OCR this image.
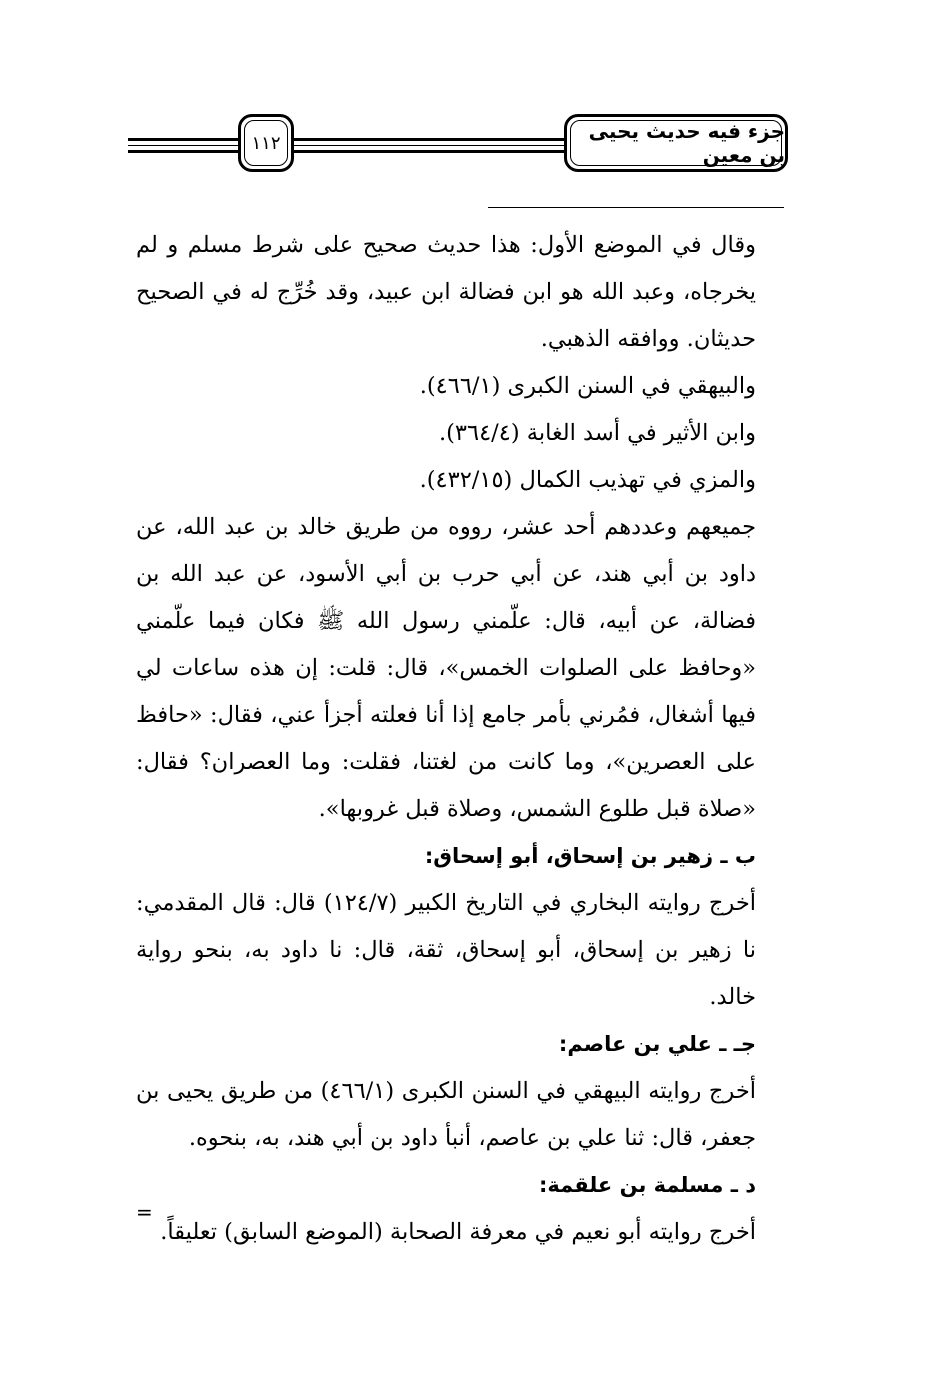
١١٢	جزء فيه حديث يحيى بن معين

وقال في الموضع الأول: هذا حديث صحيح على شرط مسلم و لم يخرجاه، وعبد الله هو ابن فضالة ابن عبيد، وقد خُرِّج له في الصحيح حديثان. ووافقه الذهبي.

والبيهقي في السنن الكبرى (٤٦٦/١).

وابن الأثير في أسد الغابة (٣٦٤/٤).

والمزي في تهذيب الكمال (٤٣٢/١٥).

جميعهم وعددهم أحد عشر، رووه من طريق خالد بن عبد الله، عن داود بن أبي هند، عن أبي حرب بن أبي الأسود، عن عبد الله بن فضالة، عن أبيه، قال: علّمني رسول الله ﷺ فكان فيما علّمني «وحافظ على الصلوات الخمس»، قال: قلت: إن هذه ساعات لي فيها أشغال، فمُرني بأمر جامع إذا أنا فعلته أجزأ عني، فقال: «حافظ على العصرين»، وما كانت من لغتنا، فقلت: وما العصران؟ فقال: «صلاة قبل طلوع الشمس، وصلاة قبل غروبها».

ب ـ زهير بن إسحاق، أبو إسحاق:

أخرج روايته البخاري في التاريخ الكبير (١٢٤/٧) قال: قال المقدمي: نا زهير بن إسحاق، أبو إسحاق، ثقة، قال: نا داود به، بنحو رواية خالد.

جـ ـ علي بن عاصم:

أخرج روايته البيهقي في السنن الكبرى (٤٦٦/١) من طريق يحيى بن جعفر، قال: ثنا علي بن عاصم، أنبأ داود بن أبي هند، به، بنحوه.

د ـ مسلمة بن علقمة:

أخرج روايته أبو نعيم في معرفة الصحابة (الموضع السابق) تعليقاً.

=
